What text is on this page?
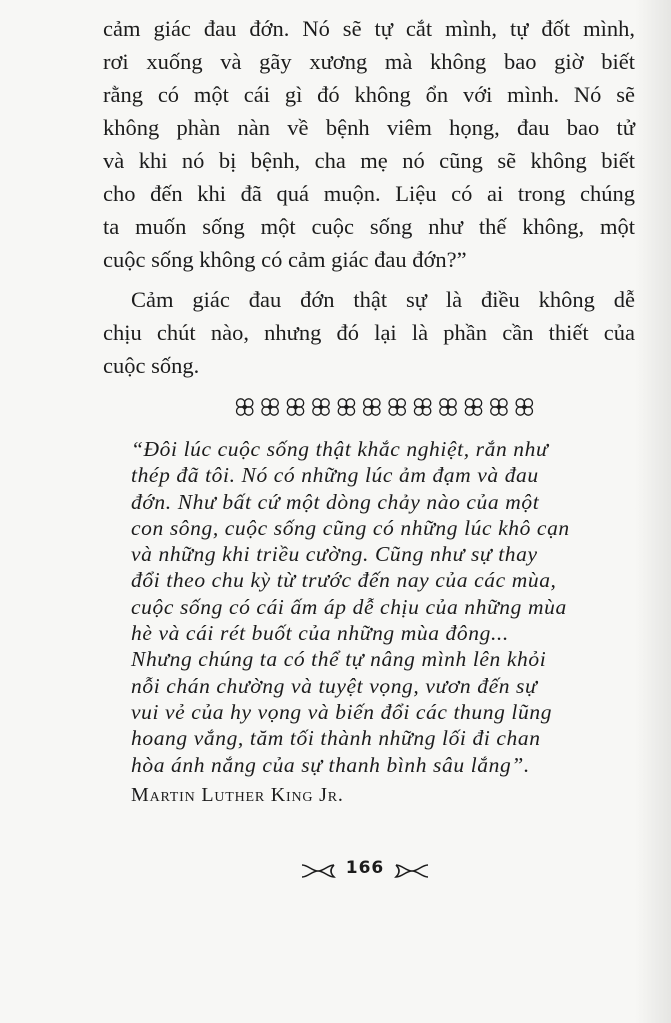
cảm giác đau đớn. Nó sẽ tự cắt mình, tự đốt mình,
rơi xuống và gãy xương mà không bao giờ biết
rằng có một cái gì đó không ổn với mình. Nó sẽ
không phàn nàn về bệnh viêm họng, đau bao tử
và khi nó bị bệnh, cha mẹ nó cũng sẽ không biết
cho đến khi đã quá muộn. Liệu có ai trong chúng
ta muốn sống một cuộc sống như thế không, một
cuộc sống không có cảm giác đau đớn?”
Cảm giác đau đớn thật sự là điều không dễ
chịu chút nào, nhưng đó lại là phần cần thiết của
cuộc sống.
“Đôi lúc cuộc sống thật khắc nghiệt, rắn như
thép đã tôi. Nó có những lúc ảm đạm và đau
đớn. Như bất cứ một dòng chảy nào của một
con sông, cuộc sống cũng có những lúc khô cạn
và những khi triều cường. Cũng như sự thay
đổi theo chu kỳ từ trước đến nay của các mùa,
cuộc sống có cái ấm áp dễ chịu của những mùa
hè và cái rét buốt của những mùa đông...
Nhưng chúng ta có thể tự nâng mình lên khỏi
nỗi chán chường và tuyệt vọng, vươn đến sự
vui vẻ của hy vọng và biến đổi các thung lũng
hoang vắng, tăm tối thành những lối đi chan
hòa ánh nắng của sự thanh bình sâu lắng”.
Martin Luther King Jr.
166
